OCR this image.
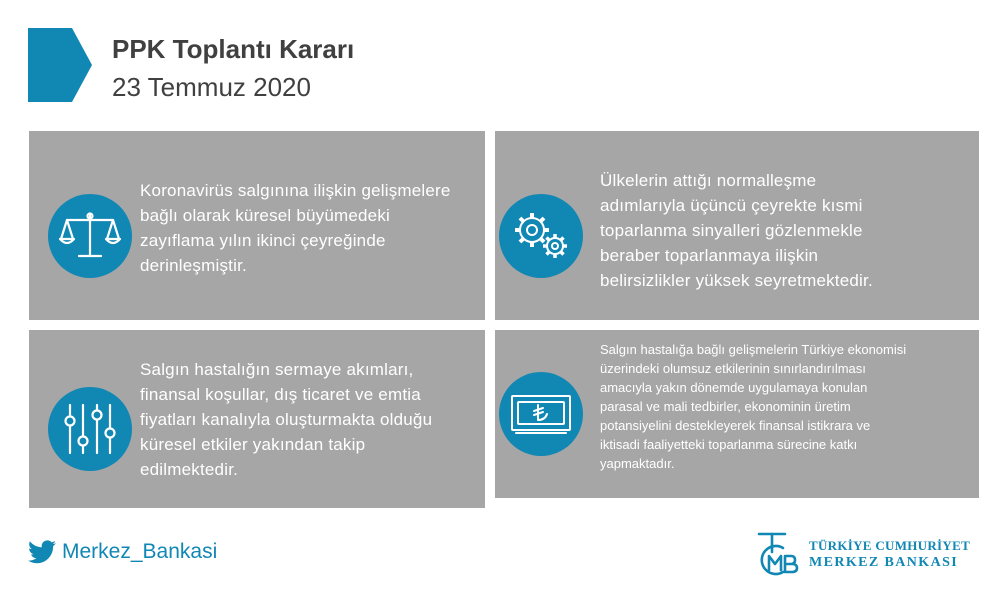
PPK Toplantı Kararı
23 Temmuz 2020
Koronavirüs salgınına ilişkin gelişmelere
bağlı olarak küresel büyümedeki
zayıflama yılın ikinci çeyreğinde
derinleşmiştir.
Ülkelerin attığı normalleşme
adımlarıyla üçüncü çeyrekte kısmi
toparlanma sinyalleri gözlenmekle
beraber toparlanmaya ilişkin
belirsizlikler yüksek seyretmektedir.
Salgın hastalığın sermaye akımları,
finansal koşullar, dış ticaret ve emtia
fiyatları kanalıyla oluşturmakta olduğu
küresel etkiler yakından takip
edilmektedir.
Salgın hastalığa bağlı gelişmelerin Türkiye ekonomisi
üzerindeki olumsuz etkilerinin sınırlandırılması
amacıyla yakın dönemde uygulamaya konulan
parasal ve mali tedbirler, ekonominin üretim
potansiyelini destekleyerek finansal istikrara ve
iktisadi faaliyetteki toparlanma sürecine katkı
yapmaktadır.
Merkez_Bankasi	TÜRKİYE CUMHURİYET
MERKEZ BANKASI
